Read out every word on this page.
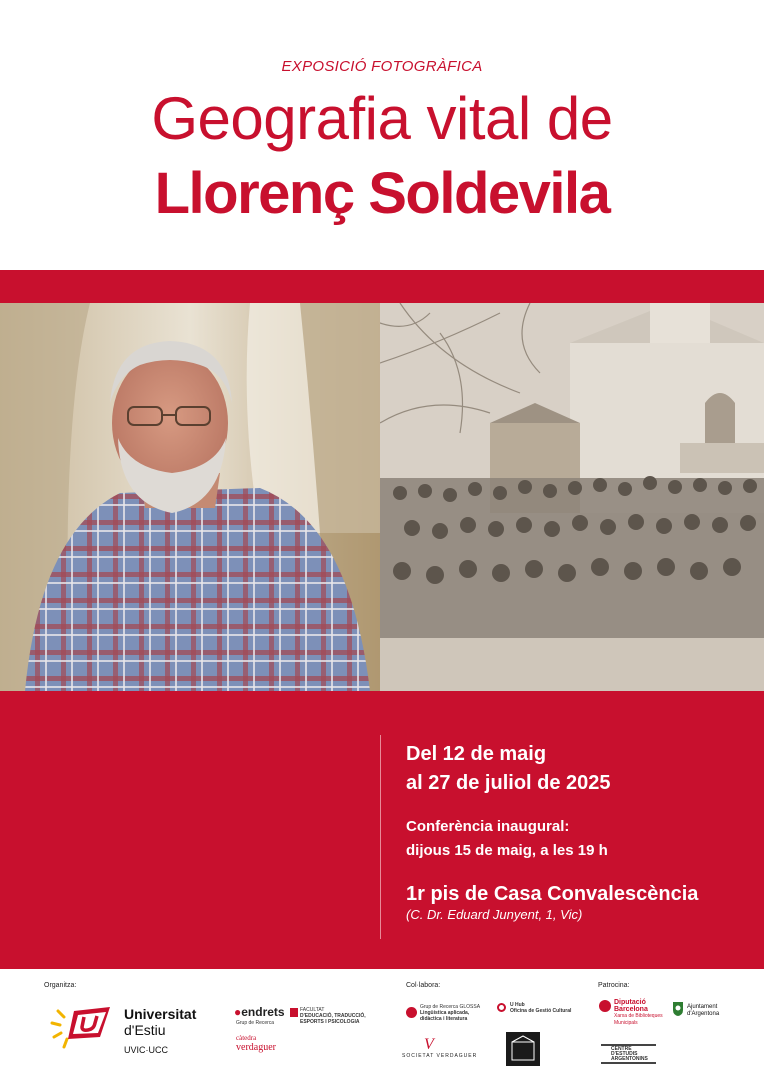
EXPOSICIÓ FOTOGRÀFICA
Geografia vital de
Llorenç Soldevila
Del 12 de maig
al 27 de juliol de 2025
Conferència inaugural:
dijous 15 de maig, a les 19 h
1r pis de Casa Convalescència
(C. Dr. Eduard Junyent, 1, Vic)
Organitza:	Col·labora:	Patrocina:
Universitat
d'Estiu
UVIC·UCC
●endrets
Grup de Recerca
FACULTAT
D'EDUCACIÓ, TRADUCCIÓ,
ESPORTS I PSICOLOGIA
càtedra
verdaguer
Grup de Recerca GLOSSA
Lingüística aplicada,
didàctica i literatura
U Hub
Oficina de Gestió Cultural
V
SOCIETAT VERDAGUER
Diputació
Barcelona
Xarxa de Biblioteques
Municipals
Ajuntament
d'Argentona
CENTRE
D'ESTUDIS
ARGENTONINS
